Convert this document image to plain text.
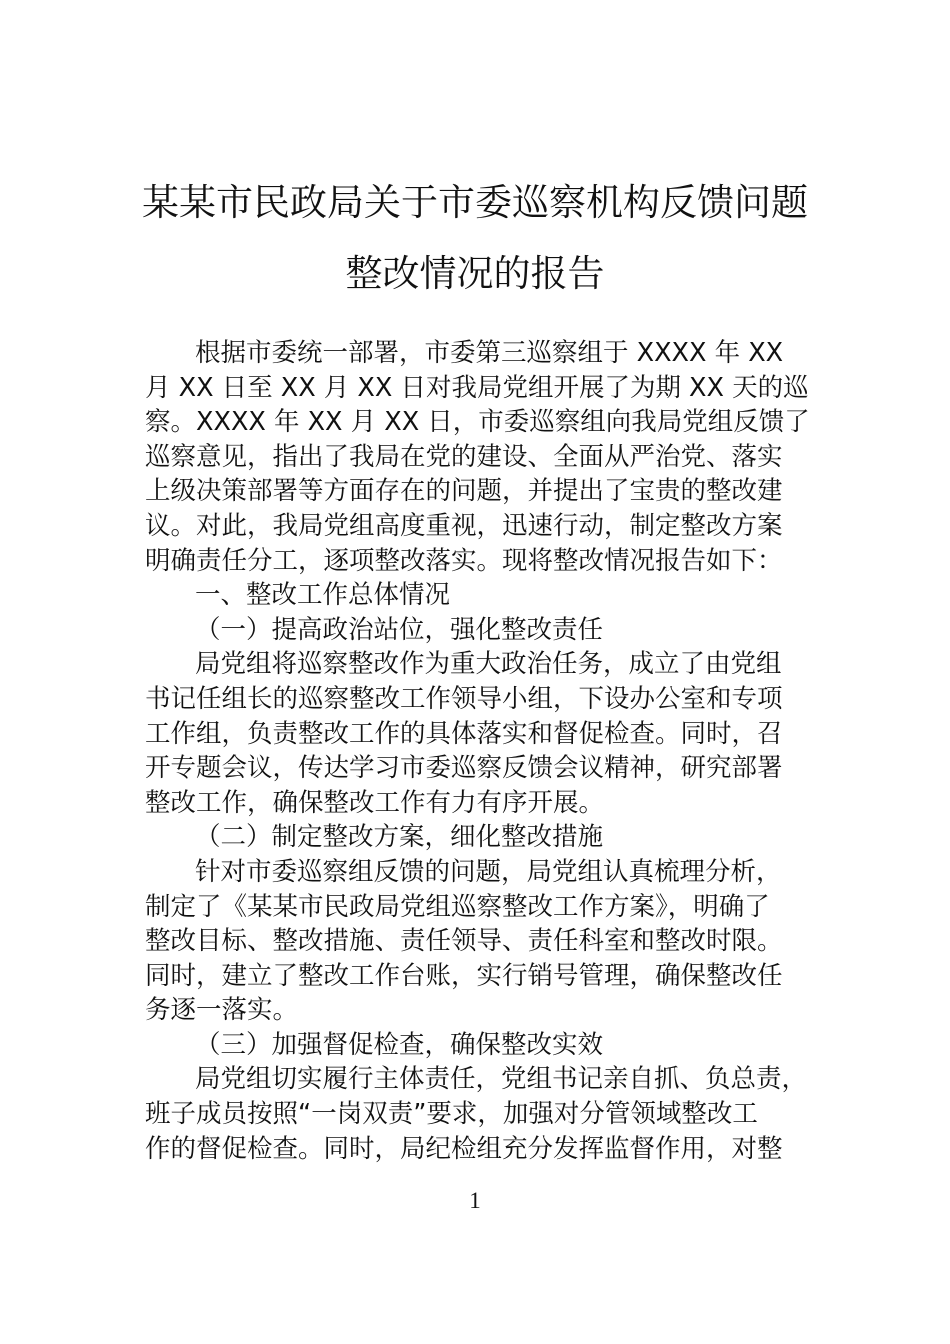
某某市民政局关于市委巡察机构反馈问题
整改情况的报告
根据市委统一部署，市委第三巡察组于 XXXX 年 XX
月 XX 日至 XX 月 XX 日对我局党组开展了为期 XX 天的巡
察。XXXX 年 XX 月 XX 日，市委巡察组向我局党组反馈了
巡察意见，指出了我局在党的建设、全面从严治党、落实
上级决策部署等方面存在的问题，并提出了宝贵的整改建
议。对此，我局党组高度重视，迅速行动，制定整改方案
明确责任分工，逐项整改落实。现将整改情况报告如下：
一、整改工作总体情况
（一）提高政治站位，强化整改责任
局党组将巡察整改作为重大政治任务，成立了由党组
书记任组长的巡察整改工作领导小组，下设办公室和专项
工作组，负责整改工作的具体落实和督促检查。同时，召
开专题会议，传达学习市委巡察反馈会议精神，研究部署
整改工作，确保整改工作有力有序开展。
（二）制定整改方案，细化整改措施
针对市委巡察组反馈的问题，局党组认真梳理分析，
制定了《某某市民政局党组巡察整改工作方案》，明确了
整改目标、整改措施、责任领导、责任科室和整改时限。
同时，建立了整改工作台账，实行销号管理，确保整改任
务逐一落实。
（三）加强督促检查，确保整改实效
局党组切实履行主体责任，党组书记亲自抓、负总责，
班子成员按照“一岗双责”要求，加强对分管领域整改工
作的督促检查。同时，局纪检组充分发挥监督作用，对整
1
